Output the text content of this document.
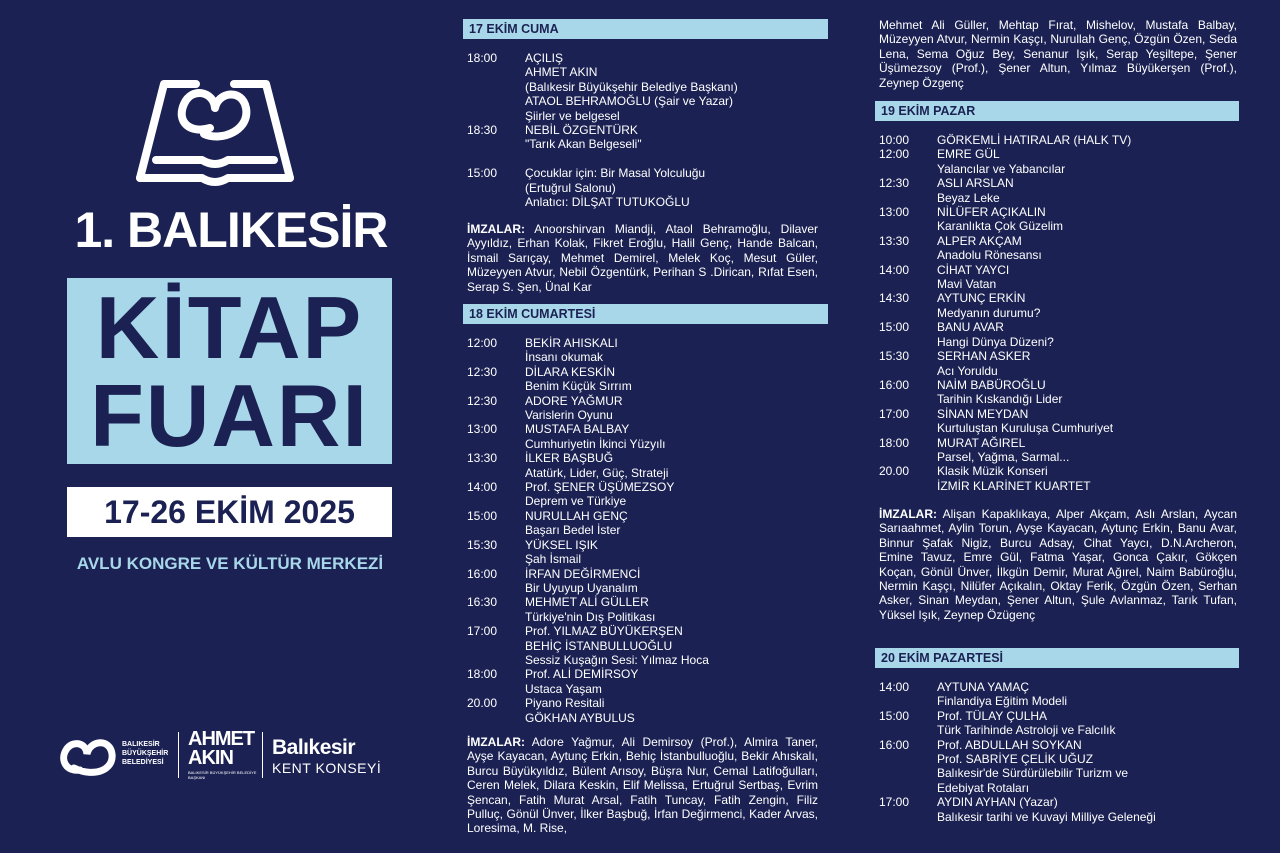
1. BALIKESİR
KİTAP
FUARI
17-26 EKİM 2025
AVLU KONGRE VE KÜLTÜR MERKEZİ
BALIKESİR BÜYÜKŞEHİR BELEDİYESİ
AHMET AKIN
BALIKESİR BÜYÜKŞEHİR BELEDİYE BAŞKANI
Balıkesir
KENT KONSEYİ
17 EKİM CUMA
18:00	AÇILIŞ
AHMET AKIN
(Balıkesir Büyükşehir Belediye Başkanı)
ATAOL BEHRAMOĞLU (Şair ve Yazar)
Şiirler ve belgesel
18:30	NEBİL ÖZGENTÜRK
"Tarık Akan Belgeseli"

15:00	Çocuklar için: Bir Masal Yolculuğu
(Ertuğrul Salonu)
Anlatıcı: DİLŞAT TUTUKOĞLU
İMZALAR: Anoorshirvan Miandji, Ataol Behramoğlu, Dilaver Ayyıldız, Erhan Kolak, Fikret Eroğlu, Halil Genç, Hande Balcan, İsmail Sarıçay, Mehmet Demirel, Melek Koç, Mesut Güler, Müzeyyen Atvur, Nebil Özgentürk, Perihan S .Dirican, Rıfat Esen, Serap S. Şen, Ünal Kar
18 EKİM CUMARTESİ
12:00	BEKİR AHISKALI
İnsanı okumak
12:30	DİLARA KESKİN
Benim Küçük Sırrım
12:30	ADORE YAĞMUR
Varislerin Oyunu
13:00	MUSTAFA BALBAY
Cumhuriyetin İkinci Yüzyılı
13:30	İLKER BAŞBUĞ
Atatürk, Lider, Güç, Strateji
14:00	Prof. ŞENER ÜŞÜMEZSOY
Deprem ve Türkiye
15:00	NURULLAH GENÇ
Başarı Bedel İster
15:30	YÜKSEL IŞIK
Şah İsmail
16:00	İRFAN DEĞİRMENCİ
Bir Uyuyup Uyanalım
16:30	MEHMET ALİ GÜLLER
Türkiye'nin Dış Politikası
17:00	Prof. YILMAZ BÜYÜKERŞEN
BEHİÇ İSTANBULLUOĞLU
Sessiz Kuşağın Sesi: Yılmaz Hoca
18:00	Prof. ALİ DEMİRSOY
Ustaca Yaşam
20.00	Piyano Resitali
GÖKHAN AYBULUS
İMZALAR: Adore Yağmur, Ali Demirsoy (Prof.), Almira Taner, Ayşe Kayacan, Aytunç Erkin, Behiç İstanbulluoğlu, Bekir Ahıskalı, Burcu Büyükyıldız, Bülent Arısoy, Büşra Nur, Cemal Latifoğulları, Ceren Melek, Dilara Keskin, Elif Melissa, Ertuğrul Sertbaş, Evrim Şencan, Fatih Murat Arsal, Fatih Tuncay, Fatih Zengin, Filiz Pulluç, Gönül Ünver, İlker Başbuğ, İrfan Değirmenci, Kader Arvas, Loresima, M. Rise,
Mehmet Ali Güller, Mehtap Fırat, Mishelov, Mustafa Balbay, Müzeyyen Atvur, Nermin Kaşçı, Nurullah Genç, Özgün Özen, Seda Lena, Sema Oğuz Bey, Senanur Işık, Serap Yeşiltepe, Şener Üşümezsoy (Prof.), Şener Altun, Yılmaz Büyükerşen (Prof.), Zeynep Özgenç
19 EKİM PAZAR
10:00	GÖRKEMLİ HATIRALAR (HALK TV)
12:00	EMRE GÜL
Yalancılar ve Yabancılar
12:30	ASLI ARSLAN
Beyaz Leke
13:00	NİLÜFER AÇIKALIN
Karanlıkta Çok Güzelim
13:30	ALPER AKÇAM
Anadolu Rönesansı
14:00	CİHAT YAYCI
Mavi Vatan
14:30	AYTUNÇ ERKİN
Medyanın durumu?
15:00	BANU AVAR
Hangi Dünya Düzeni?
15:30	SERHAN ASKER
Acı Yoruldu
16:00	NAİM BABÜROĞLU
Tarihin Kıskandığı Lider
17:00	SİNAN MEYDAN
Kurtuluştan Kuruluşa Cumhuriyet
18:00	MURAT AĞIREL
Parsel, Yağma, Sarmal...
20.00	Klasik Müzik Konseri
İZMİR KLARİNET KUARTET
İMZALAR: Alişan Kapaklıkaya, Alper Akçam, Aslı Arslan, Aycan Sarıaahmet, Aylin Torun, Ayşe Kayacan, Aytunç Erkin, Banu Avar, Binnur Şafak Nigiz, Burcu Adsay, Cihat Yaycı, D.N.Archeron, Emine Tavuz, Emre Gül, Fatma Yaşar, Gonca Çakır, Gökçen Koçan, Gönül Ünver, İlkgün Demir, Murat Ağırel, Naim Babüroğlu, Nermin Kaşçı, Nilüfer Açıkalın, Oktay Ferik, Özgün Özen, Serhan Asker, Sinan Meydan, Şener Altun, Şule Avlanmaz, Tarık Tufan, Yüksel Işık, Zeynep Özügenç
20 EKİM PAZARTESİ
14:00	AYTUNA YAMAÇ
Finlandiya Eğitim Modeli
15:00	Prof. TÜLAY ÇULHA
Türk Tarihinde Astroloji ve Falcılık
16:00	Prof. ABDULLAH SOYKAN
Prof. SABRİYE ÇELİK UĞUZ
Balıkesir'de Sürdürülebilir Turizm ve
Edebiyat Rotaları
17:00	AYDIN AYHAN (Yazar)
Balıkesir tarihi ve Kuvayi Milliye Geleneği
